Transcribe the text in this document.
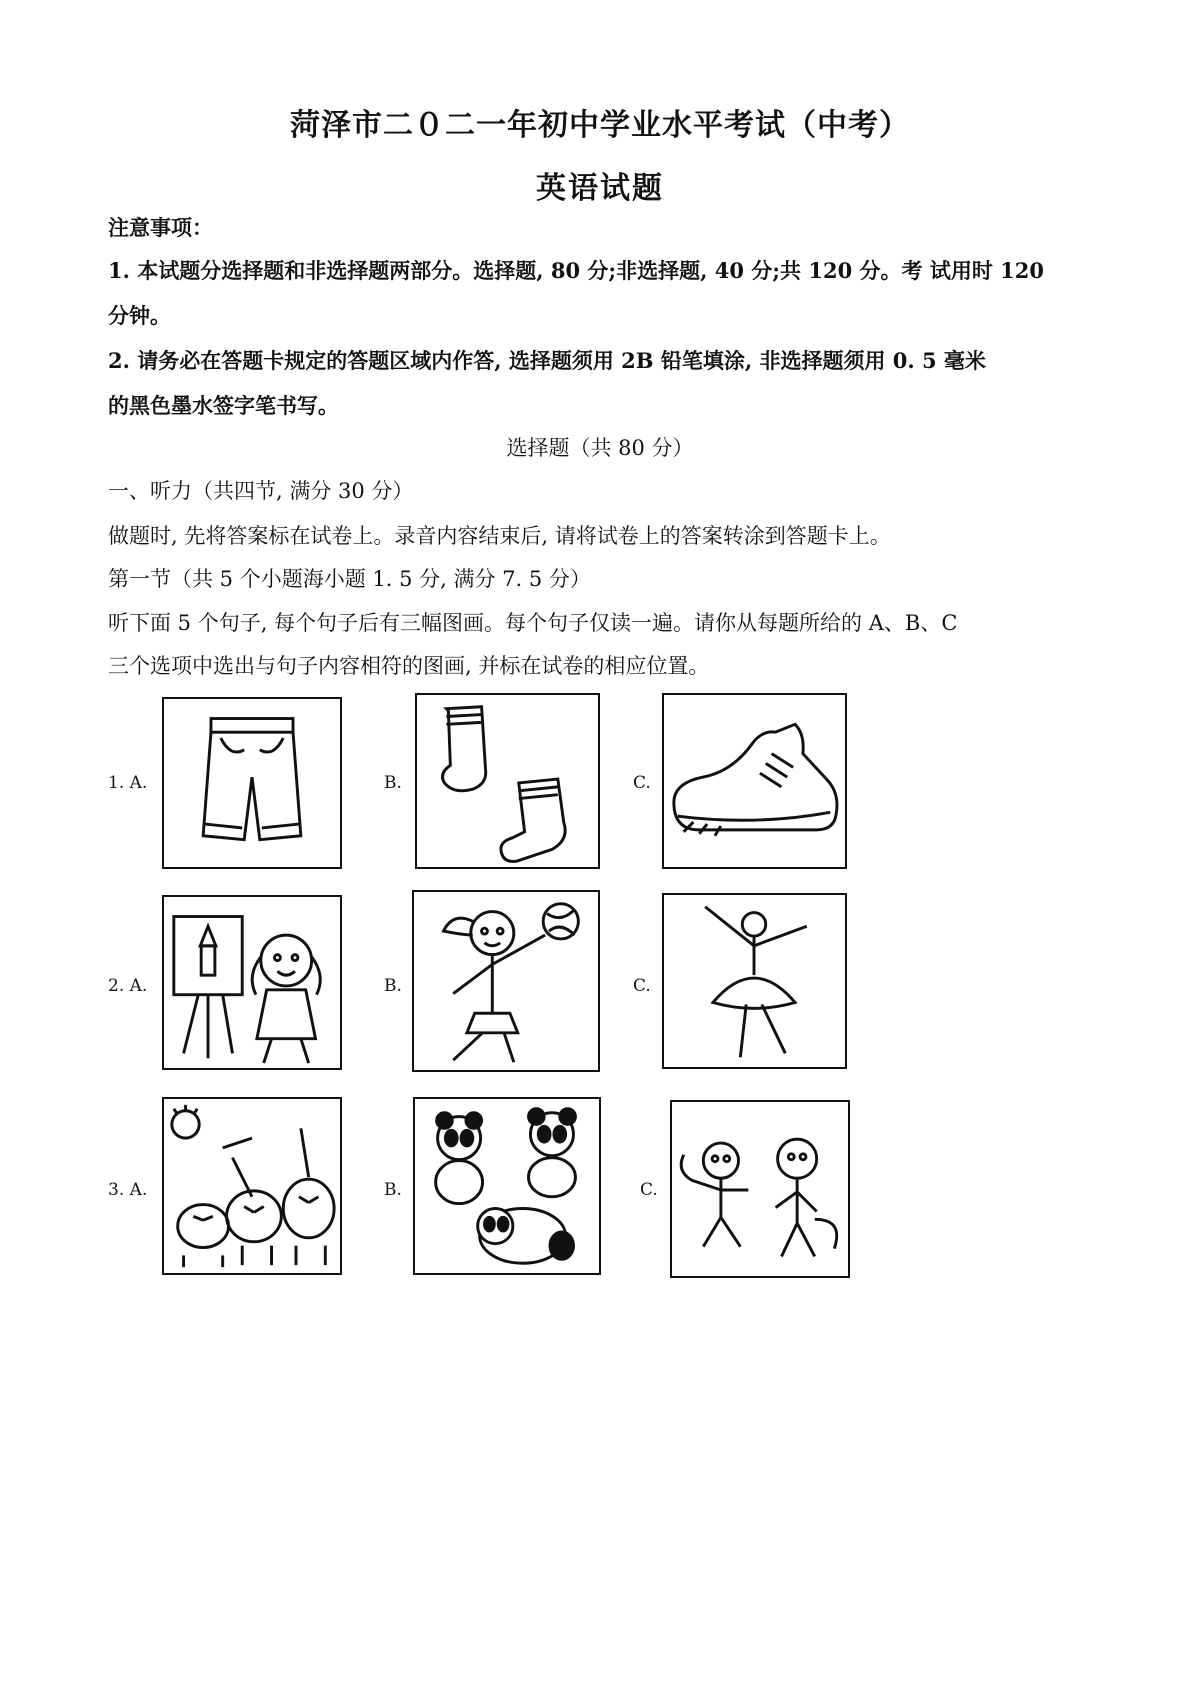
菏泽市二０二一年初中学业水平考试（中考）
英语试题
注意事项：
1. 本试题分选择题和非选择题两部分。选择题, 80 分;非选择题, 40 分;共 120 分。考 试用时 120
分钟。
2. 请务必在答题卡规定的答题区域内作答, 选择题须用 2B 铅笔填涂, 非选择题须用 0. 5 毫米
的黑色墨水签字笔书写。
选择题（共 80 分）
一、听力（共四节, 满分 30 分）
做题时, 先将答案标在试卷上。录音内容结束后, 请将试卷上的答案转涂到答题卡上。
第一节（共 5 个小题海小题 1. 5 分, 满分 7. 5 分）
听下面 5 个句子, 每个句子后有三幅图画。每个句子仅读一遍。请你从每题所给的 A、B、C
三个选项中选出与句子内容相符的图画, 并标在试卷的相应位置。
1. A.	B.	C.
2. A.	B.	C.
3. A.	B.	C.
